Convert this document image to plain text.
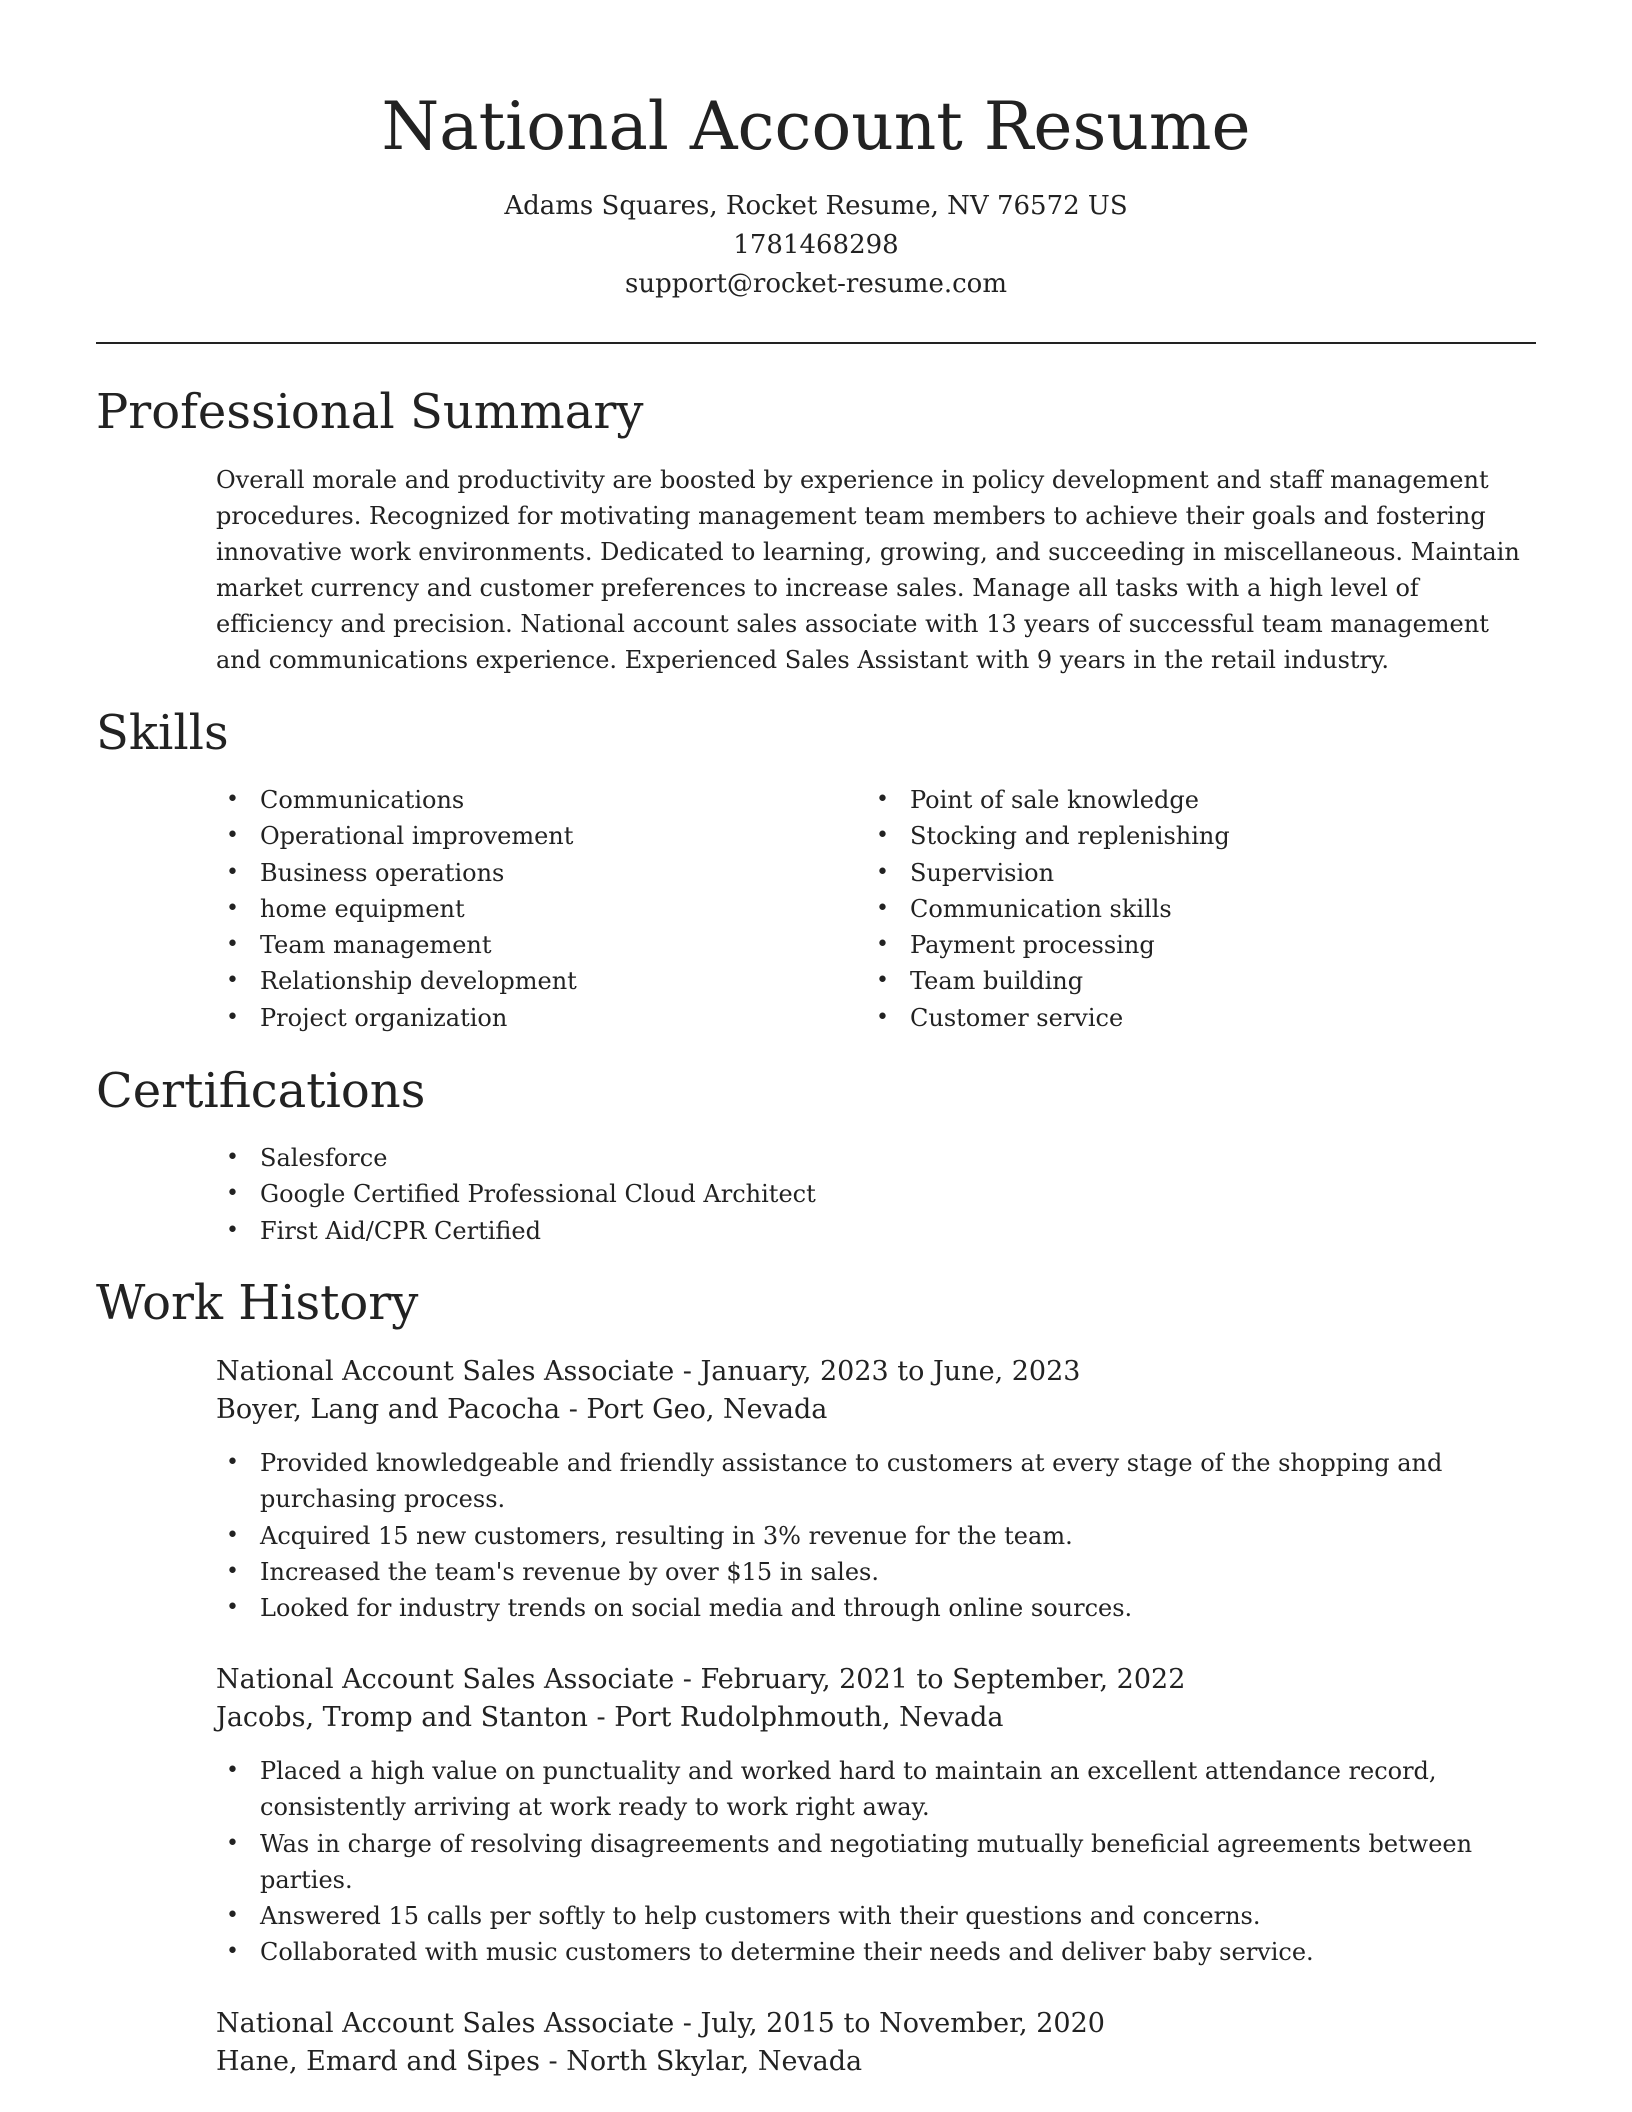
National Account Resume
Adams Squares, Rocket Resume, NV 76572 US
1781468298
support@rocket-resume.com
Professional Summary

Overall morale and productivity are boosted by experience in policy development and staff management procedures. Recognized for motivating management team members to achieve their goals and fostering innovative work environments. Dedicated to learning, growing, and succeeding in miscellaneous. Maintain market currency and customer preferences to increase sales. Manage all tasks with a high level of efficiency and precision. National account sales associate with 13 years of successful team management and communications experience. Experienced Sales Assistant with 9 years in the retail industry.

Skills
• Communications
• Operational improvement
• Business operations
• home equipment
• Team management
• Relationship development
• Project organization
• Point of sale knowledge
• Stocking and replenishing
• Supervision
• Communication skills
• Payment processing
• Team building
• Customer service
Certifications
• Salesforce
• Google Certified Professional Cloud Architect
• First Aid/CPR Certified
Work History
National Account Sales Associate - January, 2023 to June, 2023
Boyer, Lang and Pacocha - Port Geo, Nevada
• Provided knowledgeable and friendly assistance to customers at every stage of the shopping and purchasing process.
• Acquired 15 new customers, resulting in 3% revenue for the team.
• Increased the team's revenue by over $15 in sales.
• Looked for industry trends on social media and through online sources.
National Account Sales Associate - February, 2021 to September, 2022
Jacobs, Tromp and Stanton - Port Rudolphmouth, Nevada
• Placed a high value on punctuality and worked hard to maintain an excellent attendance record, consistently arriving at work ready to work right away.
• Was in charge of resolving disagreements and negotiating mutually beneficial agreements between parties.
• Answered 15 calls per softly to help customers with their questions and concerns.
• Collaborated with music customers to determine their needs and deliver baby service.
National Account Sales Associate - July, 2015 to November, 2020
Hane, Emard and Sipes - North Skylar, Nevada
